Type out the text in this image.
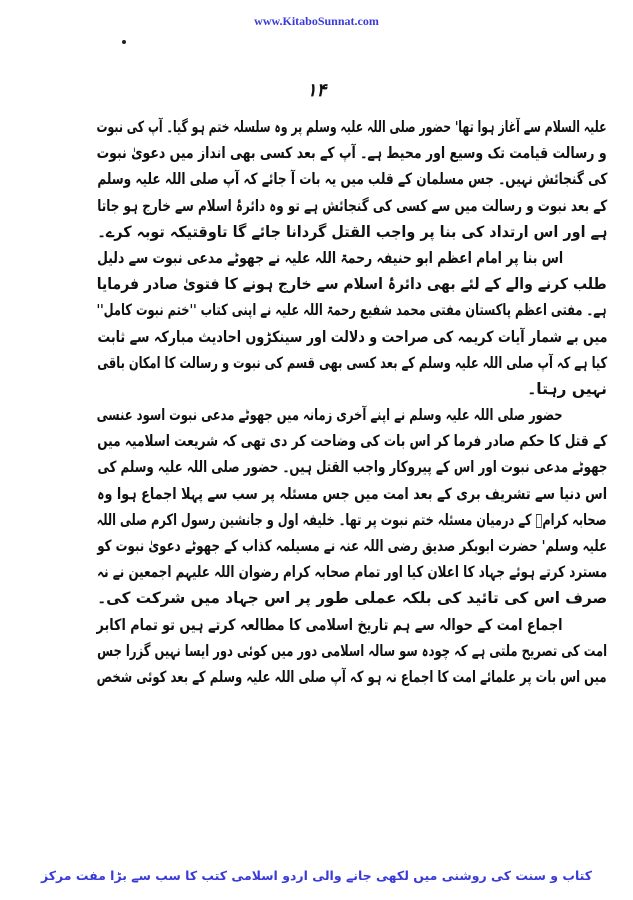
www.KitaboSunnat.com
۱۴
علیہ السلام سے آغاز ہوا تھا' حضور صلی اللہ علیہ وسلم پر وہ سلسلہ ختم ہو گیا۔ آپ کی نبوت
و رسالت قیامت تک وسیع اور محیط ہے۔ آپ کے بعد کسی بھی انداز میں دعویٰ نبوت
کی گنجائش نہیں۔ جس مسلمان کے قلب میں یہ بات آ جائے کہ آپ صلی اللہ علیہ وسلم
کے بعد نبوت و رسالت میں سے کسی کی گنجائش ہے تو وہ دائرۂ اسلام سے خارج ہو جاتا
ہے اور اس ارتداد کی بنا پر واجب القتل گردانا جائے گا تاوقتیکہ توبہ کرے۔
اس بنا پر امام اعظم ابو حنیفہ رحمۃ اللہ علیہ نے جھوٹے مدعی نبوت سے دلیل
طلب کرنے والے کے لئے بھی دائرۂ اسلام سے خارج ہونے کا فتویٰ صادر فرمایا
ہے۔ مفتی اعظم پاکستان مفتی محمد شفیع رحمۃ اللہ علیہ نے اپنی کتاب ''ختم نبوت کامل''
میں بے شمار آیات کریمہ کی صراحت و دلالت اور سینکڑوں احادیث مبارکہ سے ثابت
کیا ہے کہ آپ صلی اللہ علیہ وسلم کے بعد کسی بھی قسم کی نبوت و رسالت کا امکان باقی
نہیں رہتا۔
حضور صلی اللہ علیہ وسلم نے اپنے آخری زمانہ میں جھوٹے مدعی نبوت اسود عنسی
کے قتل کا حکم صادر فرما کر اس بات کی وضاحت کر دی تھی کہ شریعت اسلامیہ میں
جھوٹے مدعی نبوت اور اس کے پیروکار واجب القتل ہیں۔ حضور صلی اللہ علیہ وسلم کی
اس دنیا سے تشریف بری کے بعد امت میں جس مسئلہ پر سب سے پہلا اجماع ہوا وہ
صحابہ کرامؓ کے درمیان مسئلہ ختم نبوت پر تھا۔ خلیفہ اول و جانشین رسول اکرم صلی اللہ
علیہ وسلم' حضرت ابوبکر صدیق رضی اللہ عنہ نے مسیلمہ کذاب کے جھوٹے دعویٰ نبوت کو
مسترد کرتے ہوئے جہاد کا اعلان کیا اور تمام صحابہ کرام رضوان اللہ علیہم اجمعین نے نہ
صرف اس کی تائید کی بلکہ عملی طور پر اس جہاد میں شرکت کی۔
اجماع امت کے حوالہ سے ہم تاریخ اسلامی کا مطالعہ کرتے ہیں تو تمام اکابر
امت کی تصریح ملتی ہے کہ چودہ سو سالہ اسلامی دور میں کوئی دور ایسا نہیں گزرا جس
میں اس بات پر علمائے امت کا اجماع نہ ہو کہ آپ صلی اللہ علیہ وسلم کے بعد کوئی شخص
کتاب و سنت کی روشنی میں لکھی جانے والی اردو اسلامی کتب کا سب سے بڑا مفت مرکز
